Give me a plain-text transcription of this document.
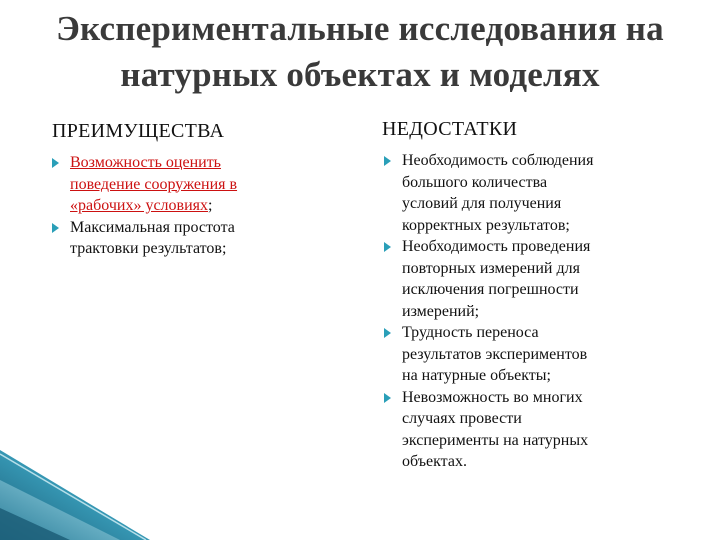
Экспериментальные исследования на
натурных объектах и моделях
ПРЕИМУЩЕСТВА
Возможность оценить
поведение сооружения в
«рабочих» условиях;
Максимальная простота
трактовки результатов;
НЕДОСТАТКИ
Необходимость соблюдения
большого количества
условий для получения
корректных результатов;
Необходимость проведения
повторных измерений для
исключения погрешности
измерений;
Трудность переноса
результатов экспериментов
на натурные объекты;
Невозможность во многих
случаях провести
эксперименты на натурных
объектах.
